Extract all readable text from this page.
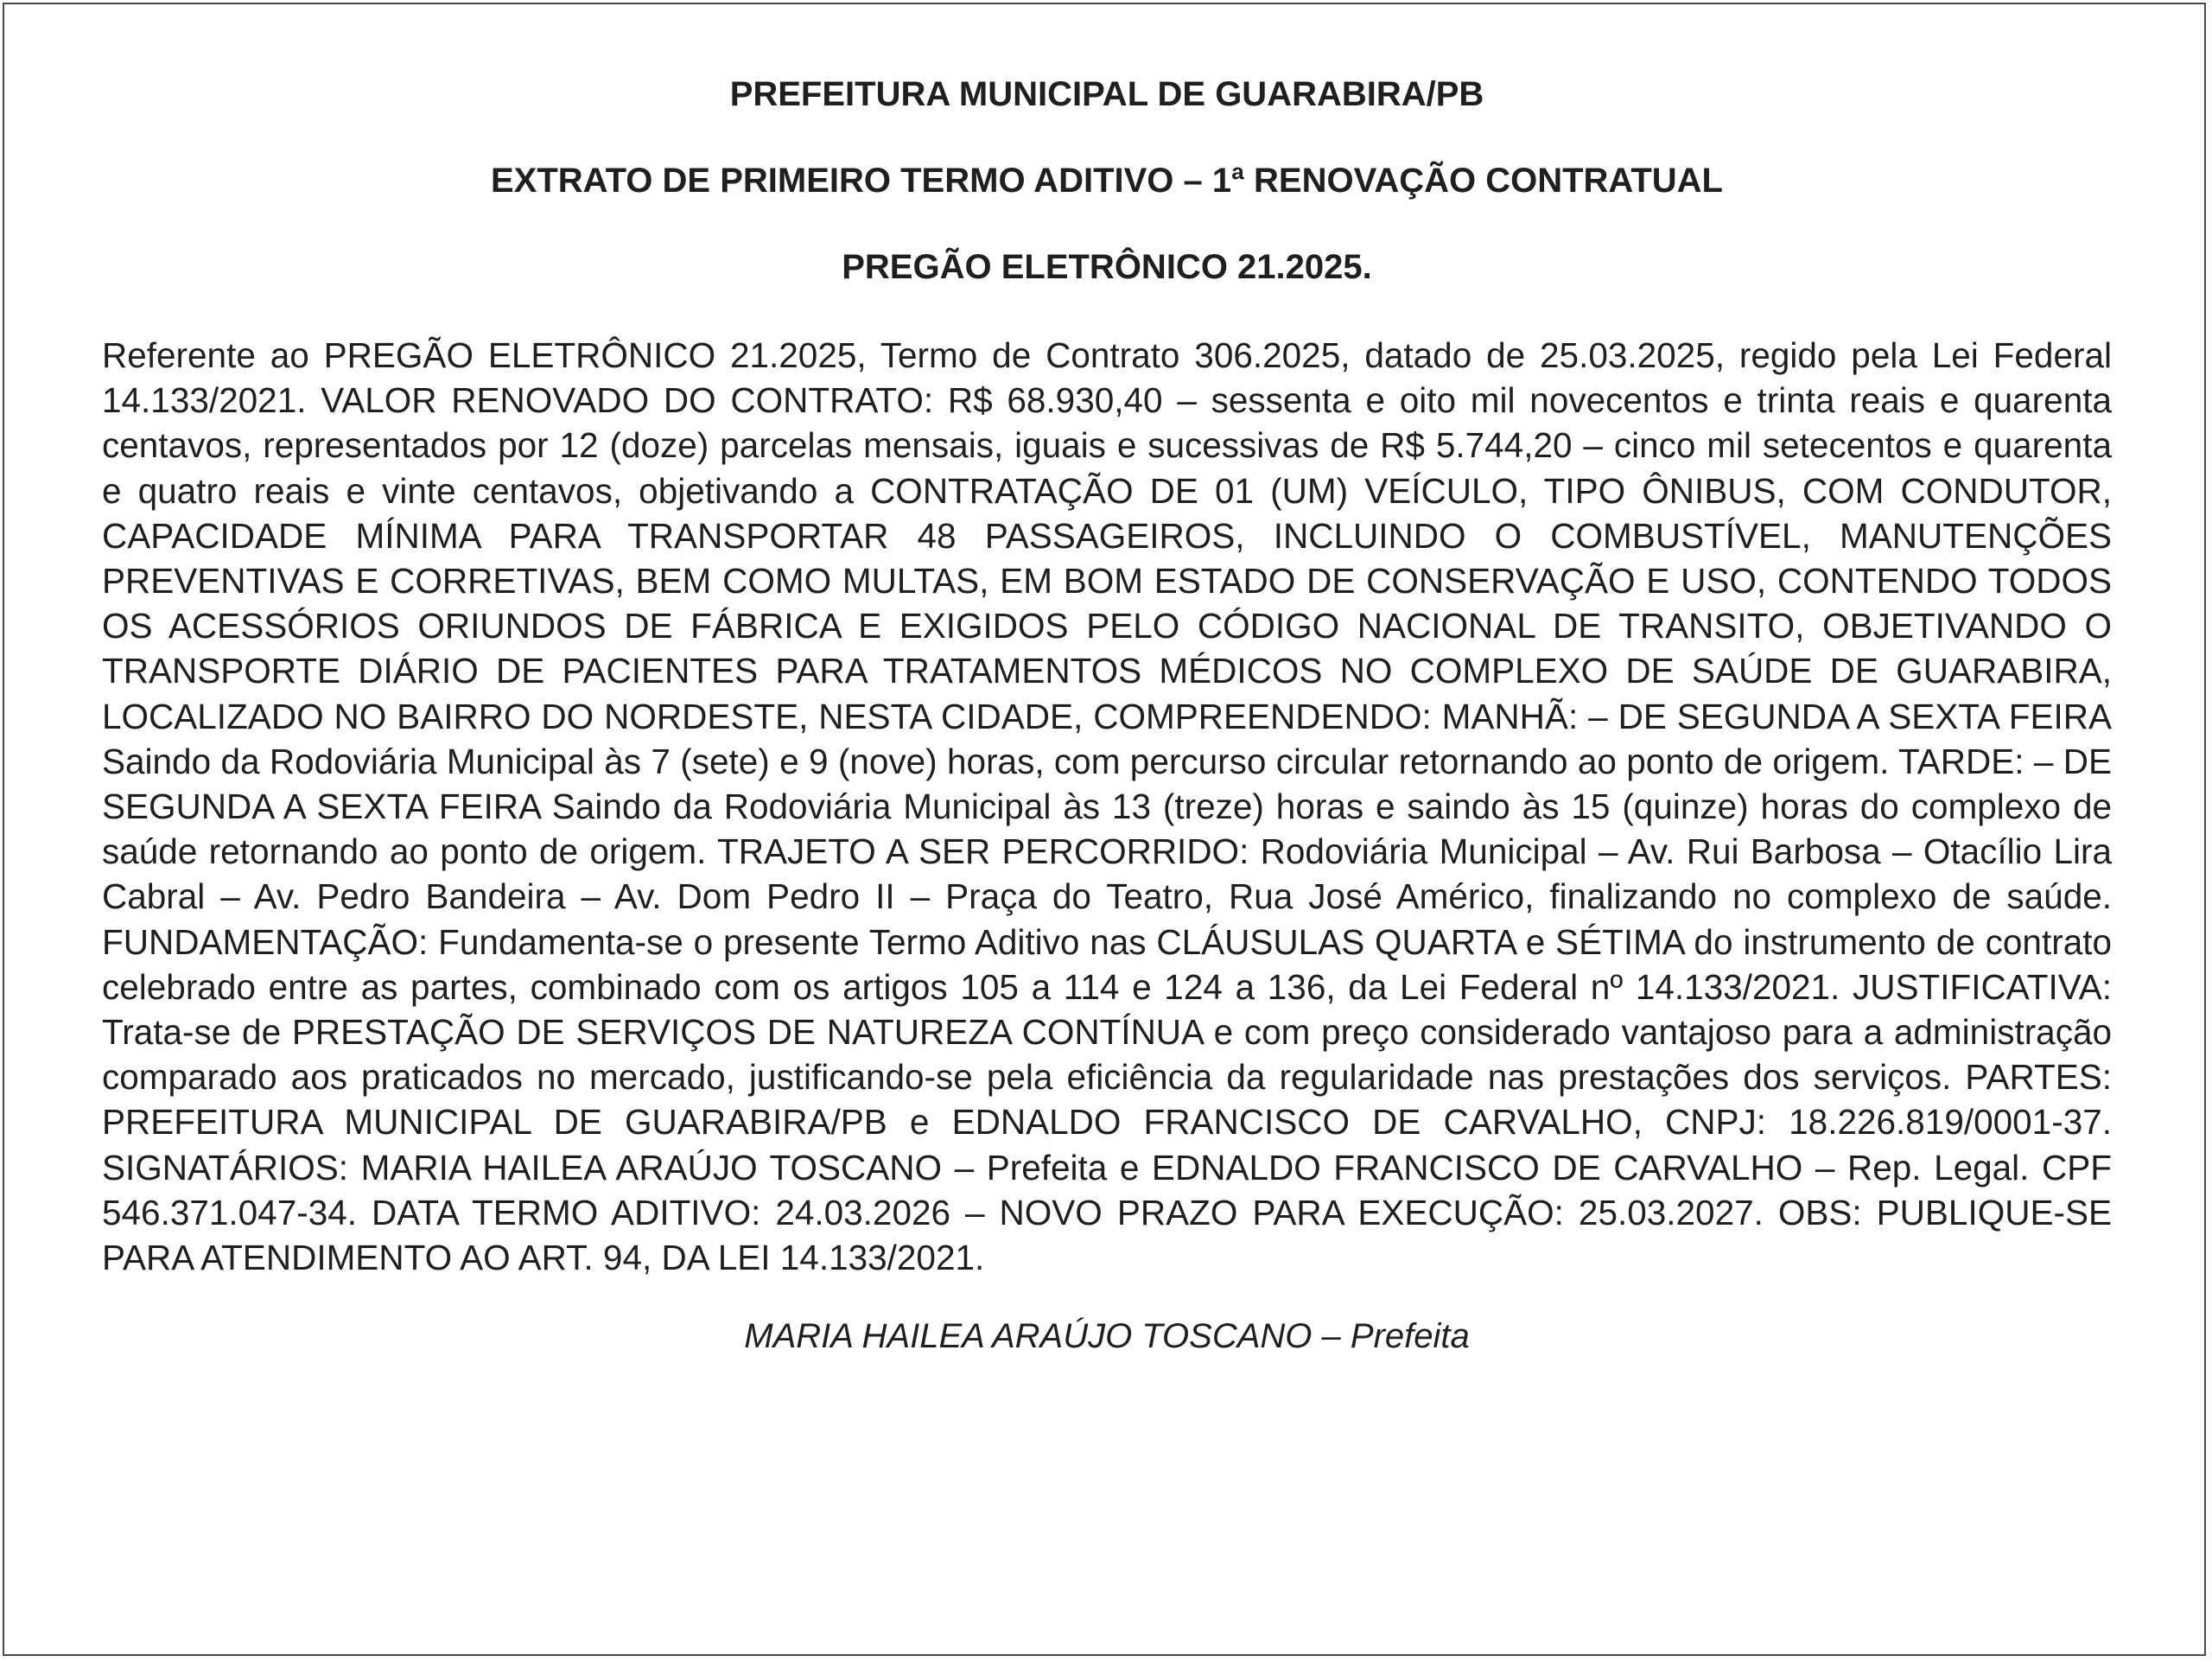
PREFEITURA MUNICIPAL DE GUARABIRA/PB

EXTRATO DE PRIMEIRO TERMO ADITIVO – 1ª RENOVAÇÃO CONTRATUAL

PREGÃO ELETRÔNICO 21.2025.

Referente ao PREGÃO ELETRÔNICO 21.2025, Termo de Contrato 306.2025, datado de 25.03.2025, regido pela Lei Federal 14.133/2021. VALOR RENOVADO DO CONTRATO: R$ 68.930,40 – sessenta e oito mil novecentos e trinta reais e quarenta centavos, representados por 12 (doze) parcelas mensais, iguais e sucessivas de R$ 5.744,20 – cinco mil setecentos e quarenta e quatro reais e vinte centavos, objetivando a CONTRATAÇÃO DE 01 (UM) VEÍCULO, TIPO ÔNIBUS, COM CONDUTOR, CAPACIDADE MÍNIMA PARA TRANSPORTAR 48 PASSAGEIROS, INCLUINDO O COMBUSTÍVEL, MANUTENÇÕES PREVENTIVAS E CORRETIVAS, BEM COMO MULTAS, EM BOM ESTADO DE CONSERVAÇÃO E USO, CONTENDO TODOS OS ACESSÓRIOS ORIUNDOS DE FÁBRICA E EXIGIDOS PELO CÓDIGO NACIONAL DE TRANSITO, OBJETIVANDO O TRANSPORTE DIÁRIO DE PACIENTES PARA TRATAMENTOS MÉDICOS NO COMPLEXO DE SAÚDE DE GUARABIRA, LOCALIZADO NO BAIRRO DO NORDESTE, NESTA CIDADE, COMPREENDENDO: MANHÃ: – DE SEGUNDA A SEXTA FEIRA Saindo da Rodoviária Municipal às 7 (sete) e 9 (nove) horas, com percurso circular retornando ao ponto de origem. TARDE: – DE SEGUNDA A SEXTA FEIRA Saindo da Rodoviária Municipal às 13 (treze) horas e saindo às 15 (quinze) horas do complexo de saúde retornando ao ponto de origem. TRAJETO A SER PERCORRIDO: Rodoviária Municipal – Av. Rui Barbosa – Otacílio Lira Cabral – Av. Pedro Bandeira – Av. Dom Pedro II – Praça do Teatro, Rua José Américo, finalizando no complexo de saúde. FUNDAMENTAÇÃO: Fundamenta-se o presente Termo Aditivo nas CLÁUSULAS QUARTA e SÉTIMA do instrumento de contrato celebrado entre as partes, combinado com os artigos 105 a 114 e 124 a 136, da Lei Federal nº 14.133/2021. JUSTIFICATIVA: Trata-se de PRESTAÇÃO DE SERVIÇOS DE NATUREZA CONTÍNUA e com preço considerado vantajoso para a administração comparado aos praticados no mercado, justificando-se pela eficiência da regularidade nas prestações dos serviços. PARTES: PREFEITURA MUNICIPAL DE GUARABIRA/PB e EDNALDO FRANCISCO DE CARVALHO, CNPJ: 18.226.819/0001-37. SIGNATÁRIOS: MARIA HAILEA ARAÚJO TOSCANO – Prefeita e EDNALDO FRANCISCO DE CARVALHO – Rep. Legal. CPF 546.371.047-34. DATA TERMO ADITIVO: 24.03.2026 – NOVO PRAZO PARA EXECUÇÃO: 25.03.2027. OBS: PUBLIQUE-SE PARA ATENDIMENTO AO ART. 94, DA LEI 14.133/2021.

MARIA HAILEA ARAÚJO TOSCANO – Prefeita
